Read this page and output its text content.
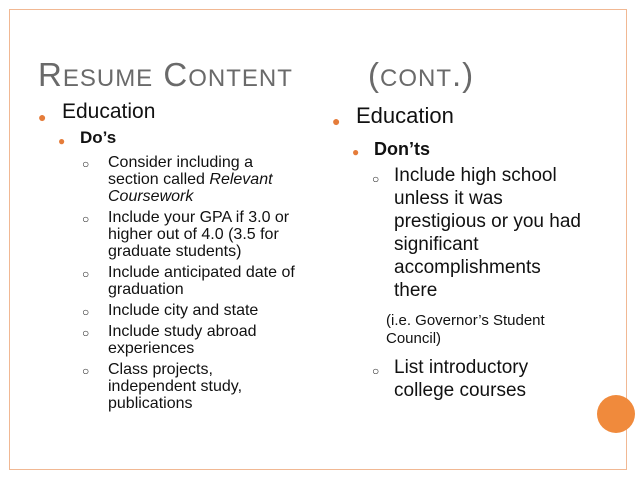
RESUME CONTENT (CONT.)
● Education
● Do’s
○ Consider including a section called Relevant Coursework
○ Include your GPA if 3.0 or higher out of 4.0 (3.5 for graduate students)
○ Include anticipated date of graduation
○ Include city and state
○ Include study abroad experiences
○ Class projects, independent study, publications
● Education
● Don’ts
○ Include high school unless it was prestigious or you had significant accomplishments there
(i.e. Governor’s Student Council)
○ List introductory college courses
